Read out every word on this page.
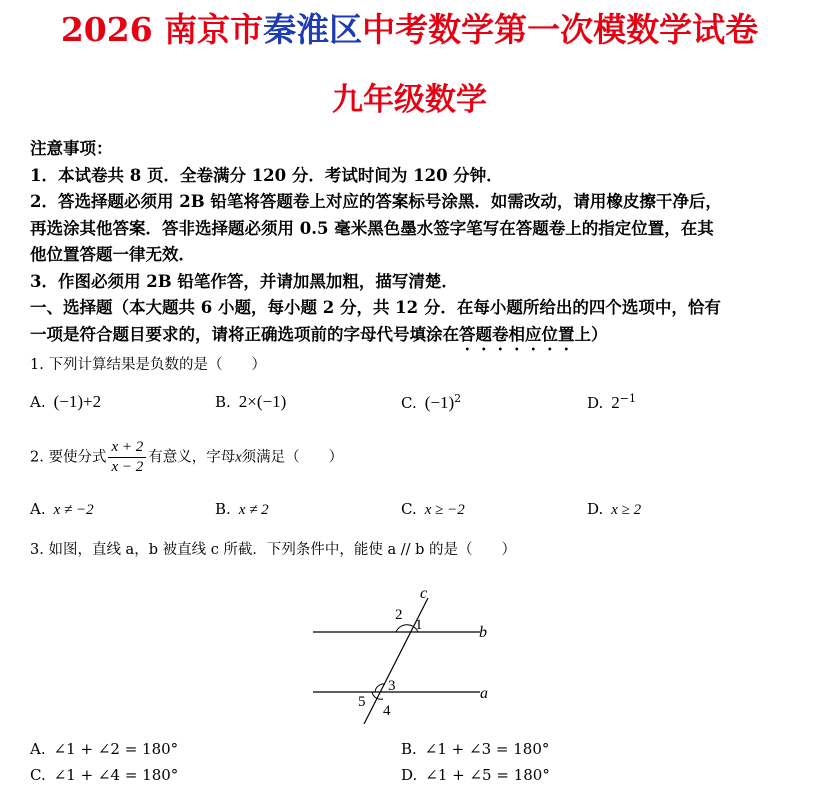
2026 南京市秦淮区中考数学第一次模数学试卷
九年级数学
注意事项：
1．本试卷共 8 页．全卷满分 120 分．考试时间为 120 分钟．
2．答选择题必须用 2B 铅笔将答题卷上对应的答案标号涂黑．如需改动，请用橡皮擦干净后，
再选涂其他答案．答非选择题必须用 0.5 毫米黑色墨水签字笔写在答题卷上的指定位置，在其
他位置答题一律无效．
3．作图必须用 2B 铅笔作答，并请加黑加粗，描写清楚．
一、选择题（本大题共 6 小题，每小题 2 分，共 12 分．在每小题所给出的四个选项中，恰有
一项是符合题目要求的，请将正确选项前的字母代号填涂在答题卷相应位置上）
1. 下列计算结果是负数的是（　　）
A. (−1)+2	B. 2×(−1)	C. $(-1)^2$	D. $2^{-1}$
2. 要使分式 $\frac{x + 2}{x - 2}$ 有意义，字母x须满足（　　）
A. x ≠ −2	B. x ≠ 2	C. x ≥ −2	D. x ≥ 2
3. 如图，直线 a，b 被直线 c 所截．下列条件中，能使 a // b 的是（　　）
c
b
a
2
1
3
5
4
A. ∠1 + ∠2 = 180°	B. ∠1 + ∠3 = 180°
C. ∠1 + ∠4 = 180°	D. ∠1 + ∠5 = 180°
